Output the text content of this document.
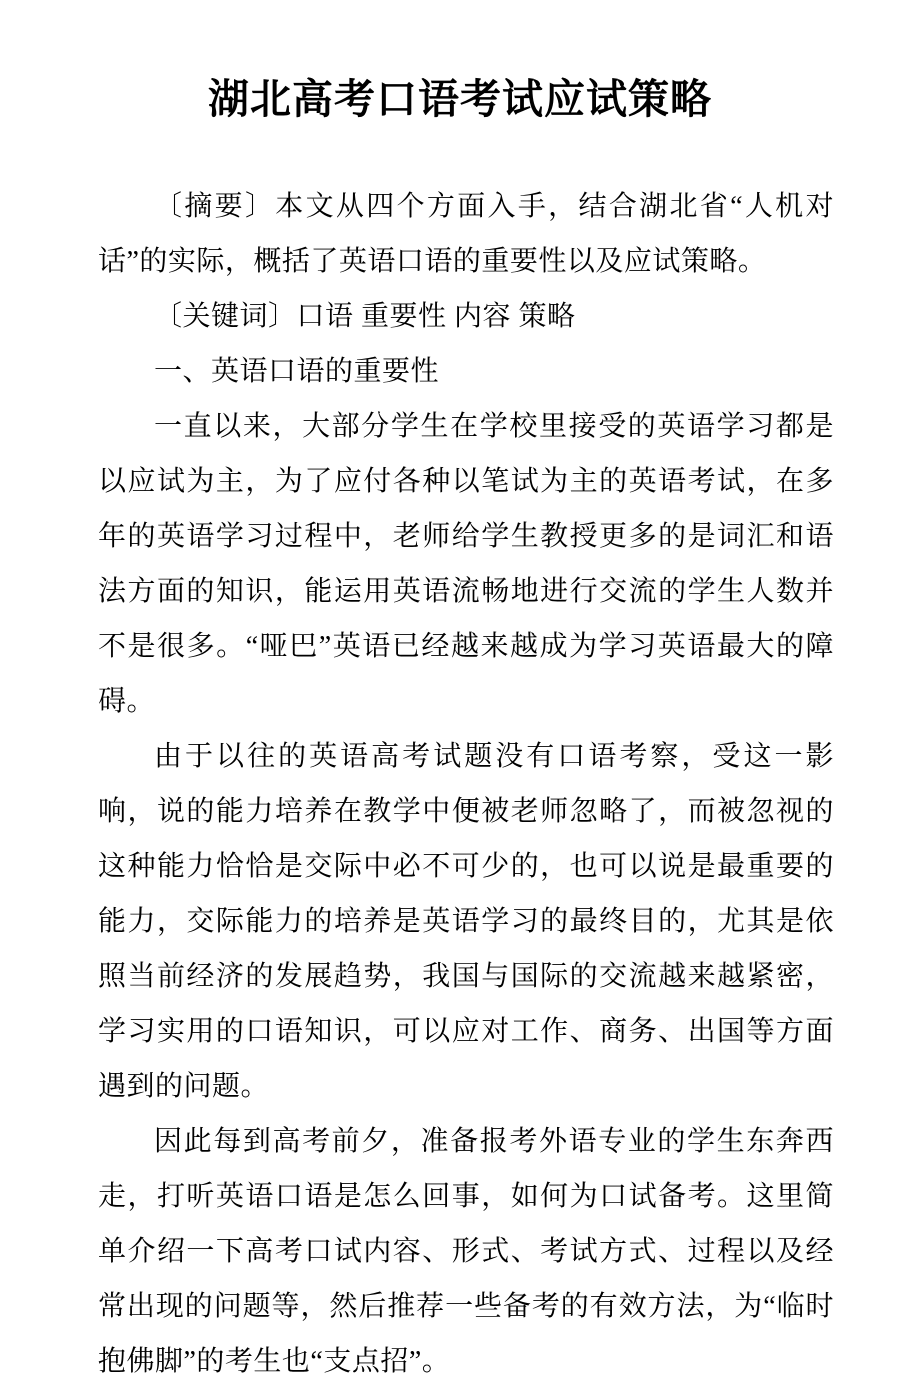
湖北高考口语考试应试策略

〔摘要〕本文从四个方面入手，结合湖北省“人机对话”的实际，概括了英语口语的重要性以及应试策略。

〔关键词〕口语 重要性 内容 策略

一、英语口语的重要性

一直以来，大部分学生在学校里接受的英语学习都是以应试为主，为了应付各种以笔试为主的英语考试，在多年的英语学习过程中，老师给学生教授更多的是词汇和语法方面的知识，能运用英语流畅地进行交流的学生人数并不是很多。“哑巴”英语已经越来越成为学习英语最大的障碍。

由于以往的英语高考试题没有口语考察，受这一影响，说的能力培养在教学中便被老师忽略了，而被忽视的这种能力恰恰是交际中必不可少的，也可以说是最重要的能力，交际能力的培养是英语学习的最终目的，尤其是依照当前经济的发展趋势，我国与国际的交流越来越紧密，学习实用的口语知识，可以应对工作、商务、出国等方面遇到的问题。

因此每到高考前夕，准备报考外语专业的学生东奔西走，打听英语口语是怎么回事，如何为口试备考。这里简单介绍一下高考口试内容、形式、考试方式、过程以及经常出现的问题等，然后推荐一些备考的有效方法，为“临时抱佛脚”的考生也“支点招”。
